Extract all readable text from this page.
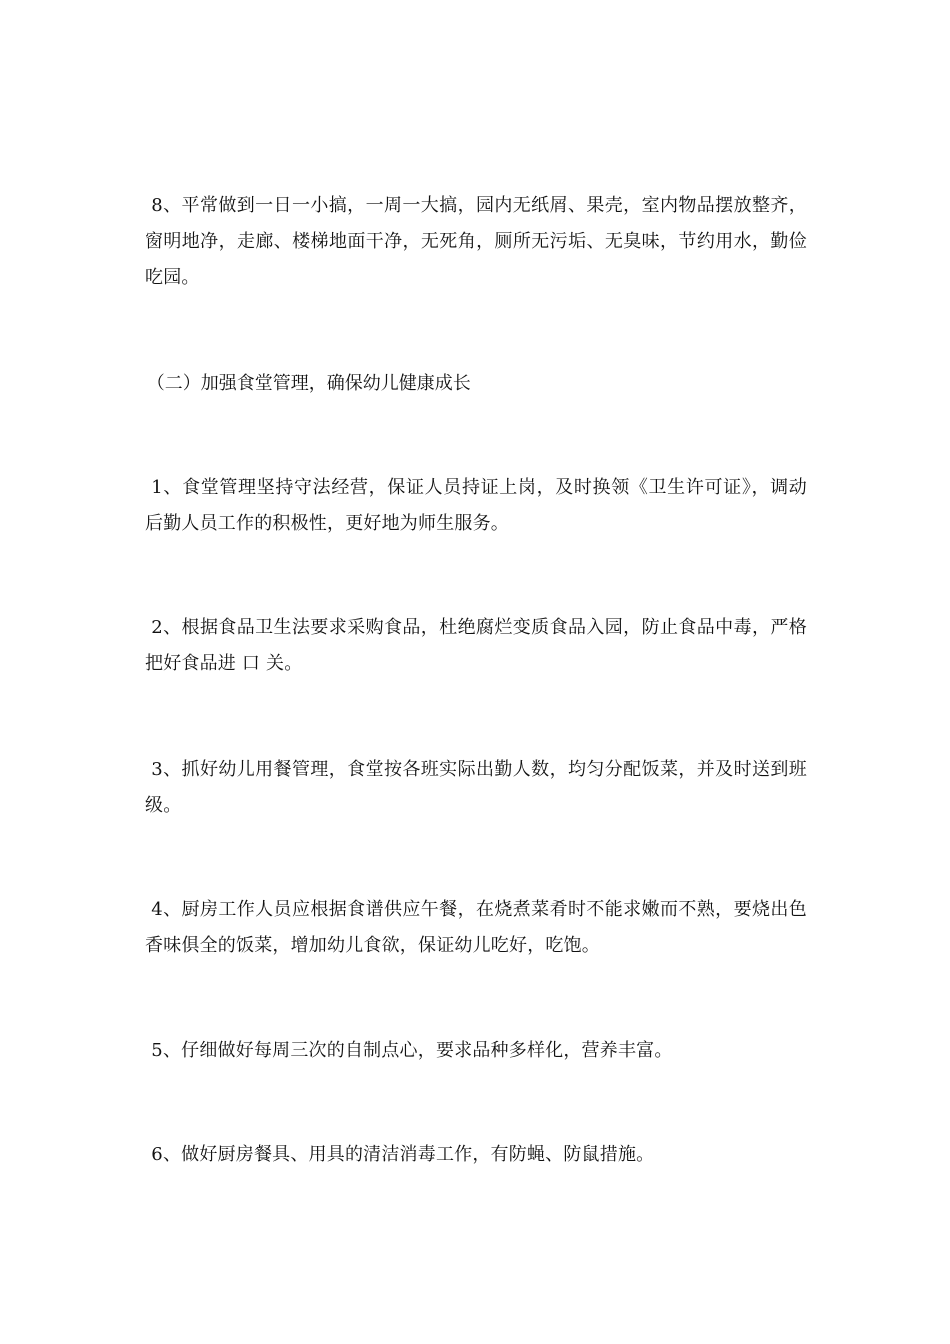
8、平常做到一日一小搞，一周一大搞，园内无纸屑、果壳，室内物品摆放整齐，窗明地净，走廊、楼梯地面干净，无死角，厕所无污垢、无臭味，节约用水，勤俭吃园。

（二）加强食堂管理，确保幼儿健康成长

1、食堂管理坚持守法经营，保证人员持证上岗，及时换领《卫生许可证》，调动后勤人员工作的积极性，更好地为师生服务。

2、根据食品卫生法要求采购食品，杜绝腐烂变质食品入园，防止食品中毒，严格把好食品进 口 关。

3、抓好幼儿用餐管理，食堂按各班实际出勤人数，均匀分配饭菜，并及时送到班级。

4、厨房工作人员应根据食谱供应午餐，在烧煮菜肴时不能求嫩而不熟，要烧出色香味俱全的饭菜，增加幼儿食欲，保证幼儿吃好，吃饱。

5、仔细做好每周三次的自制点心，要求品种多样化，营养丰富。

6、做好厨房餐具、用具的清洁消毒工作，有防蝇、防鼠措施。
